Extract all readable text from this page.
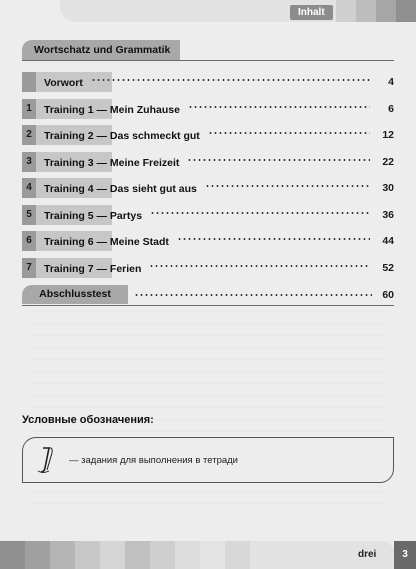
Inhalt
Wortschatz und Grammatik
Vorwort	4
1	Training 1 — Mein Zuhause	6
2	Training 2 — Das schmeckt gut	12
3	Training 3 — Meine Freizeit	22
4	Training 4 — Das sieht gut aus	30
5	Training 5 — Partys	36
6	Training 6 — Meine Stadt	44
7	Training 7 — Ferien	52
Abschlusstest	60
Условные обозначения:
— задания для выполнения в тетради
drei	3
